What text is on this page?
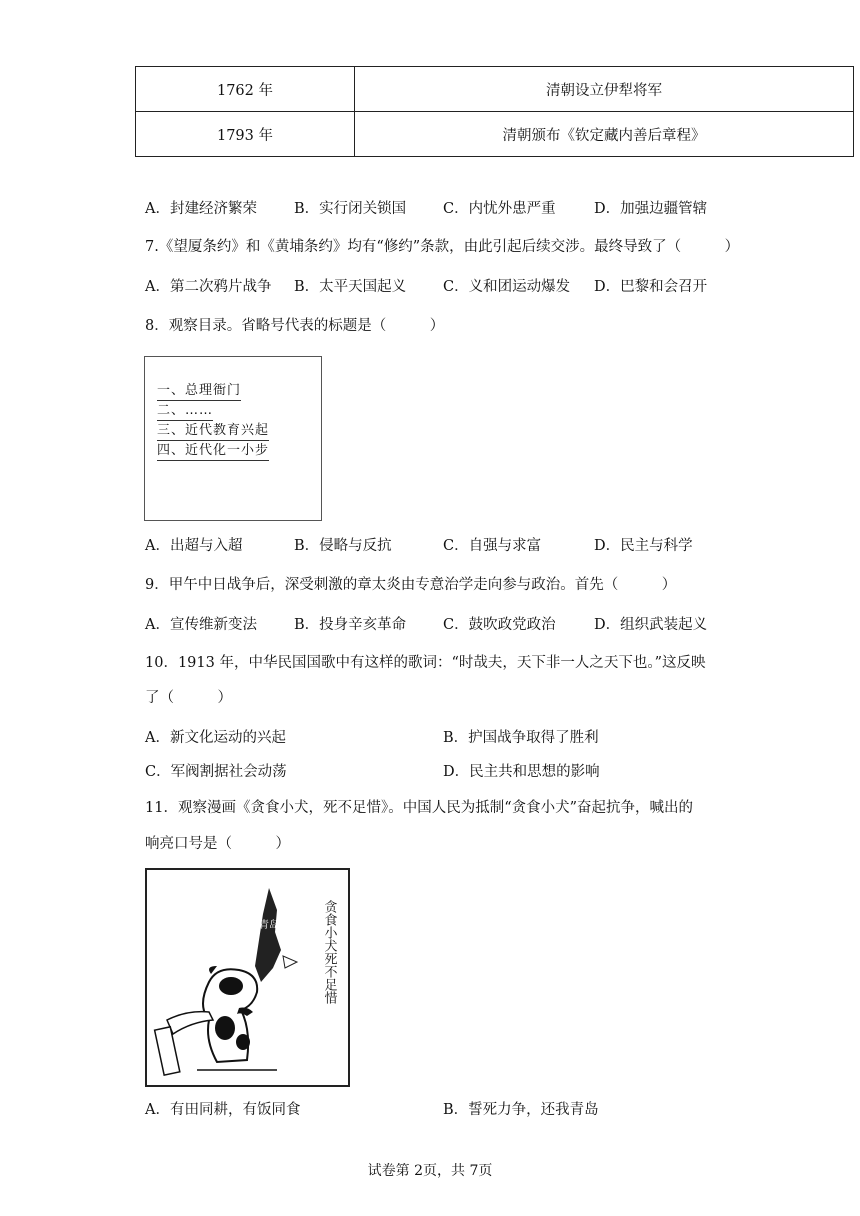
1762 年	清朝设立伊犁将军
1793 年	清朝颁布《钦定藏内善后章程》
A．封建经济繁荣	B．实行闭关锁国	C．内忧外患严重	D．加强边疆管辖
7.《望厦条约》和《黄埔条约》均有“修约”条款，由此引起后续交涉。最终导致了（　　　）
A．第二次鸦片战争 B．太平天国起义	C．义和团运动爆发 D．巴黎和会召开
8．观察目录。省略号代表的标题是（　　　）
一、总理衙门
二、……
三、近代教育兴起
四、近代化一小步
A．出超与入超	B．侵略与反抗	C．自强与求富	D．民主与科学
9．甲午中日战争后，深受刺激的章太炎由专意治学走向参与政治。首先（　　　）
A．宣传维新变法	B．投身辛亥革命	C．鼓吹政党政治	D．组织武装起义
10．1913 年，中华民国国歌中有这样的歌词：“时哉夫，天下非一人之天下也。”这反映
了（　　　）
A．新文化运动的兴起	B．护国战争取得了胜利
C．军阀割据社会动荡	D．民主共和思想的影响
11．观察漫画《贪食小犬，死不足惜》。中国人民为抵制“贪食小犬”奋起抗争，喊出的
响亮口号是（　　　）
贪食小犬死不足惜
青岛
A．有田同耕，有饭同食	B．誓死力争，还我青岛
试卷第 2页，共 7页
